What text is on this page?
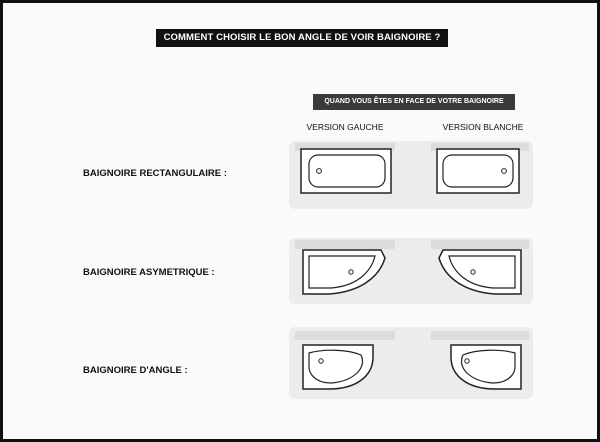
COMMENT CHOISIR LE BON ANGLE DE VOIR BAIGNOIRE ?
QUAND VOUS ÊTES EN FACE DE VOTRE BAIGNOIRE
VERSION GAUCHE	VERSION BLANCHE
BAIGNOIRE RECTANGULAIRE :
BAIGNOIRE ASYMETRIQUE :
BAIGNOIRE D'ANGLE :
